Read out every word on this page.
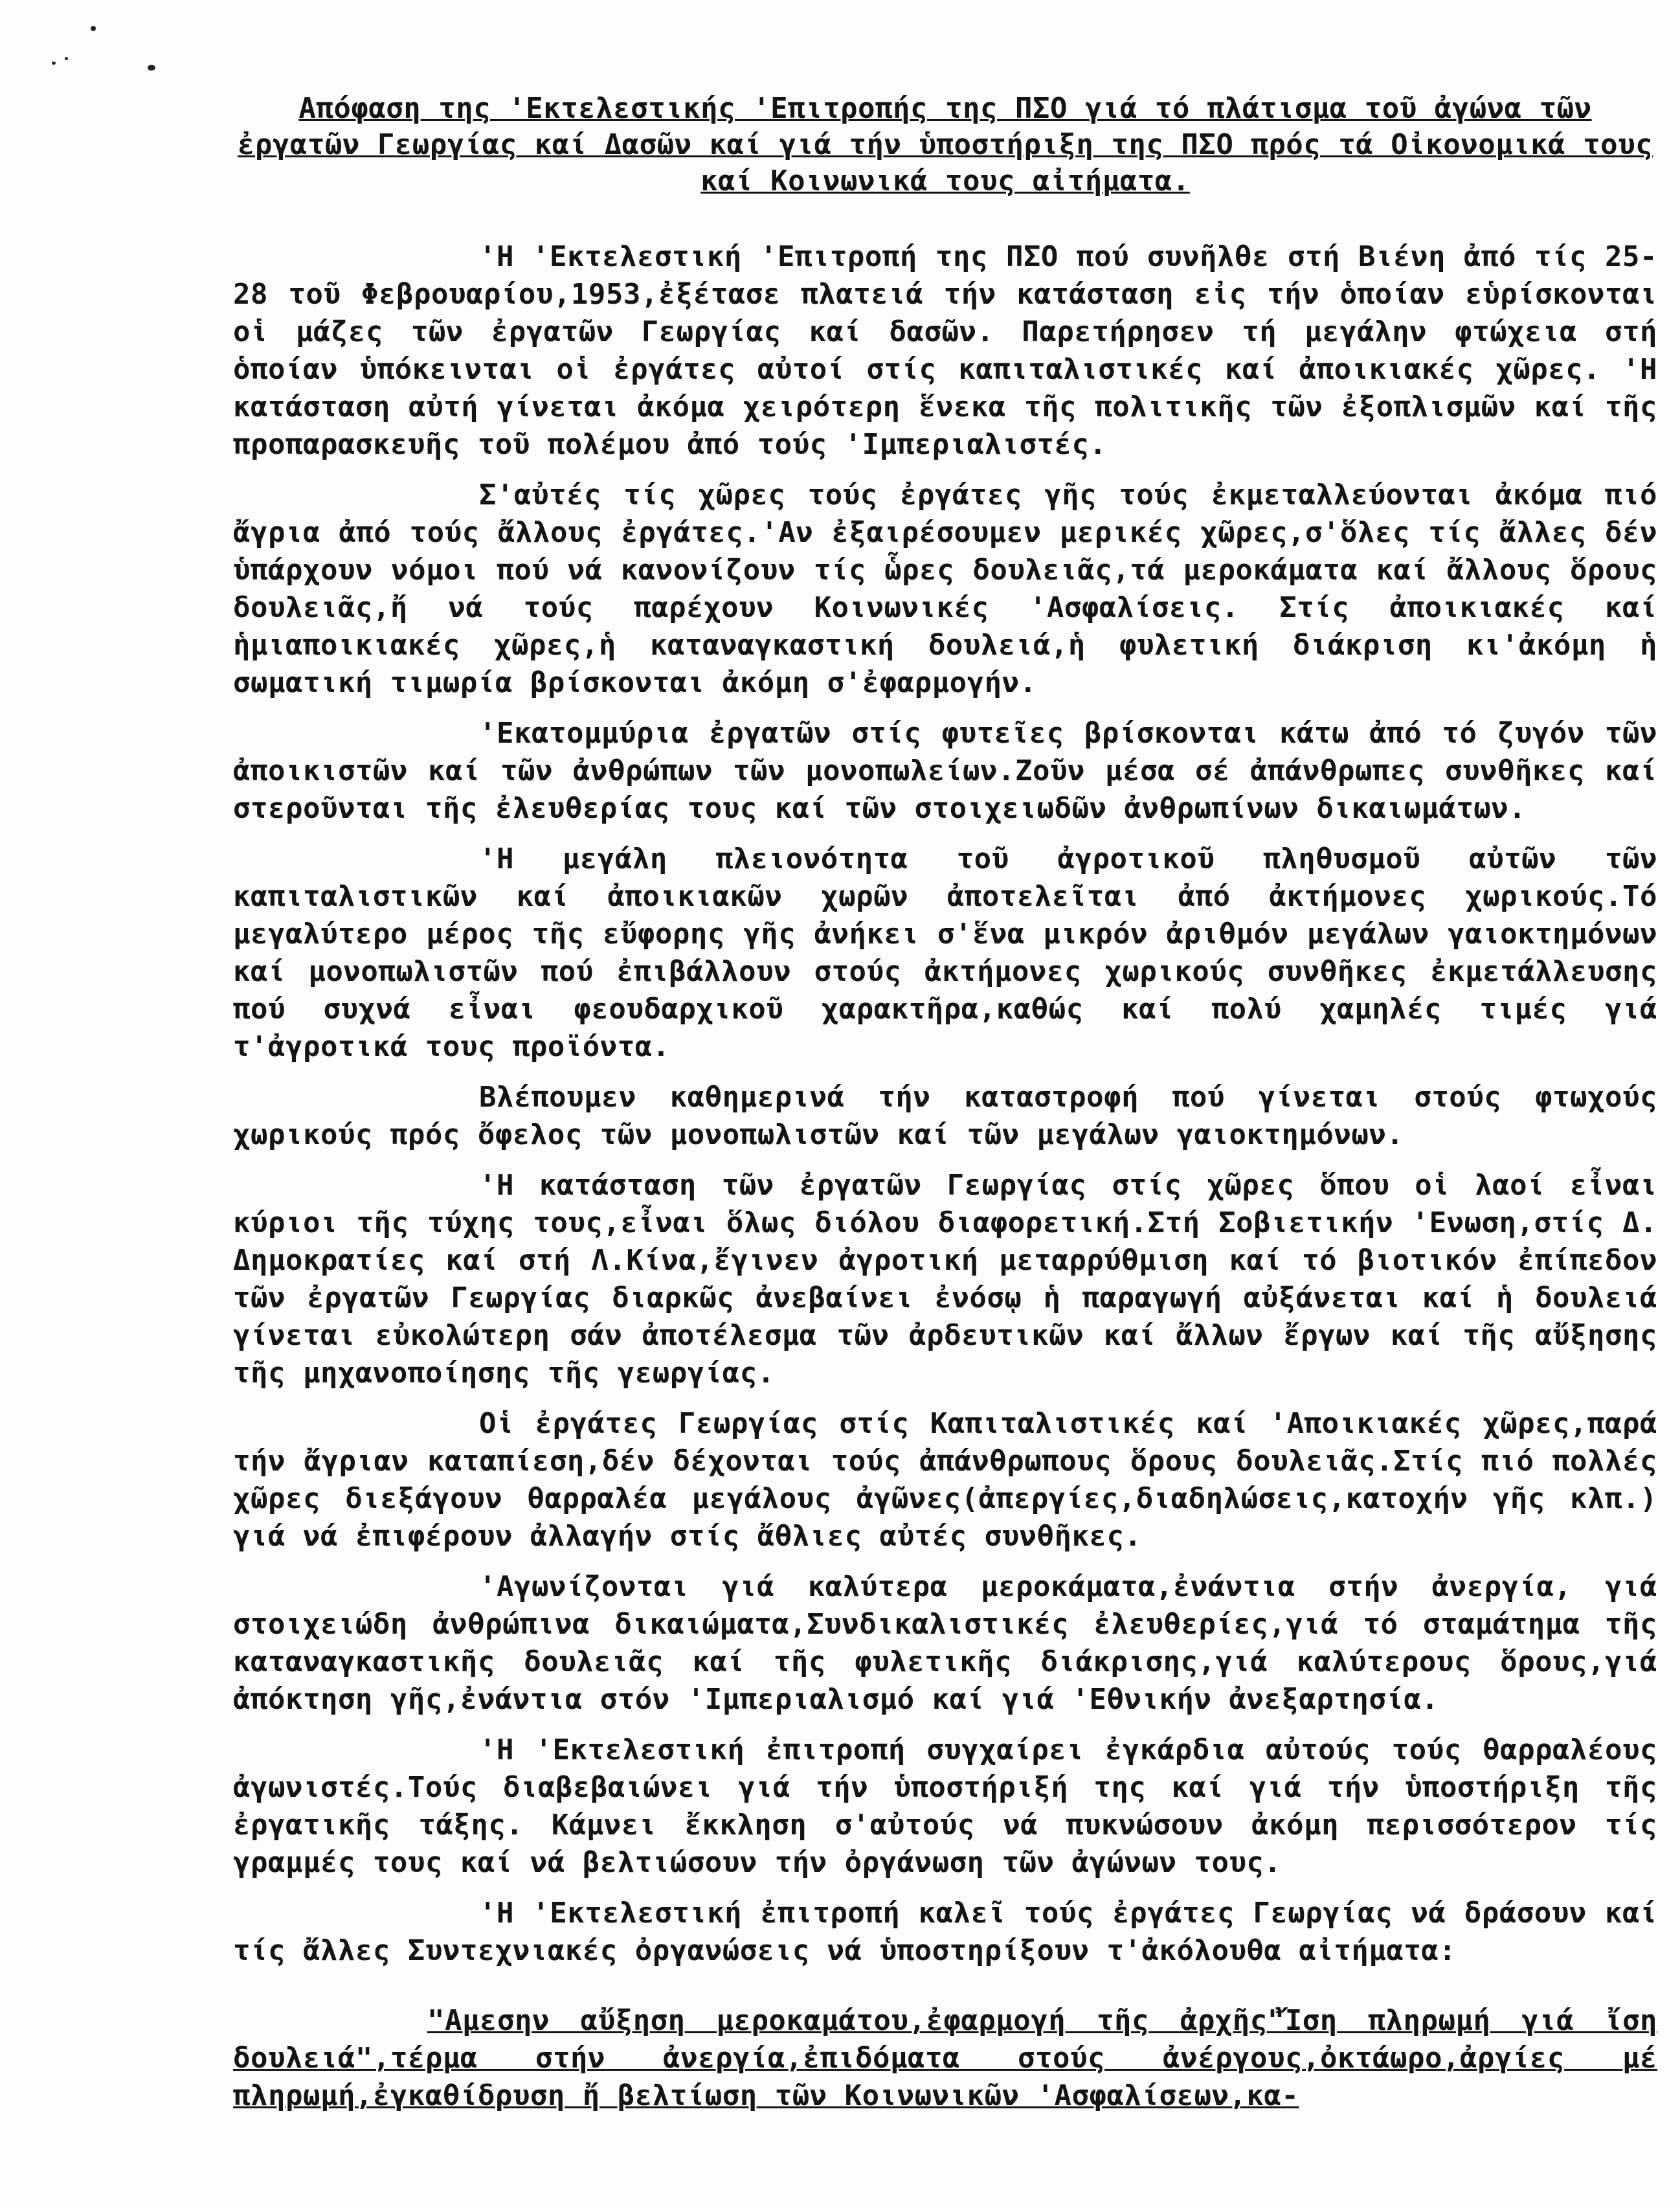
Απόφαση της 'Εκτελεστικής 'Επιτροπής της ΠΣΟ γιά τό πλάτισμα τοῦ ἀγώνα τῶν ἐργατῶν Γεωργίας καί Δασῶν καί γιά τήν ὑποστήριξη της ΠΣΟ πρός τά Οἰκονομικά τους καί Κοινωνικά τους αἰτήματα.

'Η 'Εκτελεστική 'Επιτροπή της ΠΣΟ πού συνῆλθε στή Βιένη ἀπό τίς 25-28 τοῦ Φεβρουαρίου,1953,ἐξέτασε πλατειά τήν κατάσταση εἰς τήν ὁποίαν εὑρίσκονται οἱ μάζες τῶν ἐργατῶν Γεωργίας καί δασῶν. Παρετήρησεν τή μεγάλην φτώχεια στή ὁποίαν ὑπόκεινται οἱ ἐργάτες αὐτοί στίς καπιταλιστικές καί ἀποικιακές χῶρες. 'Η κατάσταση αὐτή γίνεται ἀκόμα χειρότερη ἕνεκα τῆς πολιτικῆς τῶν ἐξοπλισμῶν καί τῆς προπαρασκευῆς τοῦ πολέμου ἀπό τούς 'Ιμπεριαλιστές.

Σ'αὐτές τίς χῶρες τούς ἐργάτες γῆς τούς ἐκμεταλλεύονται ἀκόμα πιό ἄγρια ἀπό τούς ἄλλους ἐργάτες.'Αν ἐξαιρέσουμεν μερικές χῶρες,σ'ὅλες τίς ἄλλες δέν ὑπάρχουν νόμοι πού νά κανονίζουν τίς ὧρες δουλειᾶς,τά μεροκάματα καί ἄλλους ὅρους δουλειᾶς,ἤ νά τούς παρέχουν Κοινωνικές 'Ασφαλίσεις. Στίς ἀποικιακές καί ἡμιαποικιακές χῶρες,ἡ καταναγκαστική δουλειά,ἡ φυλετική διάκριση κι'ἀκόμη ἡ σωματική τιμωρία βρίσκονται ἀκόμη σ'ἐφαρμογήν.

'Εκατομμύρια ἐργατῶν στίς φυτεῖες βρίσκονται κάτω ἀπό τό ζυγόν τῶν ἀποικιστῶν καί τῶν ἀνθρώπων τῶν μονοπωλείων.Ζοῦν μέσα σέ ἀπάνθρωπες συνθῆκες καί στεροῦνται τῆς ἐλευθερίας τους καί τῶν στοιχειωδῶν ἀνθρωπίνων δικαιωμάτων.

'Η μεγάλη πλειονότητα τοῦ ἀγροτικοῦ πληθυσμοῦ αὐτῶν τῶν καπιταλιστικῶν καί ἀποικιακῶν χωρῶν ἀποτελεῖται ἀπό ἀκτήμονες χωρικούς.Τό μεγαλύτερο μέρος τῆς εὔφορης γῆς ἀνήκει σ'ἕνα μικρόν ἀριθμόν μεγάλων γαιοκτημόνων καί μονοπωλιστῶν πού ἐπιβάλλουν στούς ἀκτήμονες χωρικούς συνθῆκες ἐκμετάλλευσης πού συχνά εἶναι φεουδαρχικοῦ χαρακτῆρα,καθώς καί πολύ χαμηλές τιμές γιά τ'ἀγροτικά τους προϊόντα.

Βλέπουμεν καθημερινά τήν καταστροφή πού γίνεται στούς φτωχούς χωρικούς πρός ὄφελος τῶν μονοπωλιστῶν καί τῶν μεγάλων γαιοκτημόνων.

'Η κατάσταση τῶν ἐργατῶν Γεωργίας στίς χῶρες ὅπου οἱ λαοί εἶναι κύριοι τῆς τύχης τους,εἶναι ὅλως διόλου διαφορετική.Στή Σοβιετικήν 'Ενωση,στίς Δ. Δημοκρατίες καί στή Λ.Κίνα,ἔγινεν ἀγροτική μεταρρύθμιση καί τό βιοτικόν ἐπίπεδον τῶν ἐργατῶν Γεωργίας διαρκῶς ἀνεβαίνει ἐνόσῳ ἡ παραγωγή αὐξάνεται καί ἡ δουλειά γίνεται εὐκολώτερη σάν ἀποτέλεσμα τῶν ἀρδευτικῶν καί ἄλλων ἔργων καί τῆς αὔξησης τῆς μηχανοποίησης τῆς γεωργίας.

Οἱ ἐργάτες Γεωργίας στίς Καπιταλιστικές καί 'Αποικιακές χῶρες,παρά τήν ἄγριαν καταπίεση,δέν δέχονται τούς ἀπάνθρωπους ὅρους δουλειᾶς.Στίς πιό πολλές χῶρες διεξάγουν θαρραλέα μεγάλους ἀγῶνες(ἀπεργίες,διαδηλώσεις,κατοχήν γῆς κλπ.) γιά νά ἐπιφέρουν ἀλλαγήν στίς ἄθλιες αὐτές συνθῆκες.

'Αγωνίζονται γιά καλύτερα μεροκάματα,ἐνάντια στήν ἀνεργία, γιά στοιχειώδη ἀνθρώπινα δικαιώματα,Συνδικαλιστικές ἐλευθερίες,γιά τό σταμάτημα τῆς καταναγκαστικῆς δουλειᾶς καί τῆς φυλετικῆς διάκρισης,γιά καλύτερους ὅρους,γιά ἀπόκτηση γῆς,ἐνάντια στόν 'Ιμπεριαλισμό καί γιά 'Εθνικήν ἀνεξαρτησία.

'Η 'Εκτελεστική ἐπιτροπή συγχαίρει ἐγκάρδια αὐτούς τούς θαρραλέους ἀγωνιστές.Τούς διαβεβαιώνει γιά τήν ὑποστήριξή της καί γιά τήν ὑποστήριξη τῆς ἐργατικῆς τάξης. Κάμνει ἔκκληση σ'αὐτούς νά πυκνώσουν ἀκόμη περισσότερον τίς γραμμές τους καί νά βελτιώσουν τήν ὀργάνωση τῶν ἀγώνων τους.

'Η 'Εκτελεστική ἐπιτροπή καλεῖ τούς ἐργάτες Γεωργίας νά δράσουν καί τίς ἄλλες Συντεχνιακές ὀργανώσεις νά ὑποστηρίξουν τ'ἀκόλουθα αἰτήματα:

"Αμεσην αὔξηση μεροκαμάτου,ἐφαρμογή τῆς ἀρχῆς"Ἴση πληρωμή γιά ἴση δουλειά",τέρμα στήν ἀνεργία,ἐπιδόματα στούς ἀνέργους,ὀκτάωρο,ἀργίες μέ πληρωμή,ἐγκαθίδρυση ἤ βελτίωση τῶν Κοινωνικῶν 'Ασφαλίσεων,κα-
